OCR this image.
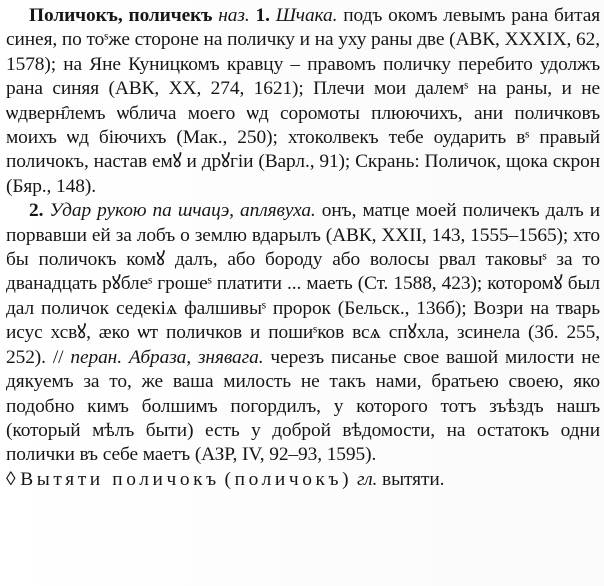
Поличокъ, поличекъ наз. 1. Шчака. подъ окомъ левымъ рана битая синея, по тоˢже стороне на поличку и на уху раны две (АВК, XXXIX, 62, 1578); на Яне Куницкомъ кравцу – правомъ поличку перебито удолжъ рана синяя (АВК, XX, 274, 1621); Плечи мои далемˢ на раны, и не ѡдверн҄лемъ ѡблича моего ѡд соромоты плюючихъ, ани поличковъ моихъ ѡд біючихъ (Мак., 250); хтоколвекъ тебе оударить вˢ правый поличокъ, настав емꙋ и дрꙋгiи (Варл., 91); Скрань: Поличок, щока скрон (Бяр., 148).

2. Удар рукою па шчацэ, аплявуха. онъ, матце моей поличекъ далъ и порвавши ей за лобъ о землю вдарылъ (АВК, XXII, 143, 1555–1565); хто бы поличокъ комꙋ далъ, або бороду або волосы рвал таковыˢ за то дванадцать рꙋблеˢ грошеˢ платити ... маеть (Ст. 1588, 423); которомꙋ был дал поличок седекiѧ фалшивыˢ пророк (Бельск., 136б); Возри на тварь исус хсвꙋ, ӕко ѡт поличков и пошиˢков всѧ спꙋхла, зсинела (Зб. 255, 252). // перан. Абраза, знявага. черезъ писанье свое вашой милости не дякуемъ за то, же ваша милость не такъ нами, братьею своею, яко подобно кимъ болшимъ погордилъ, у которого тотъ зъѣздъ нашъ (который мѣлъ быти) есть у доброй вѣдомости, на остатокъ одни полички въ себе маетъ (АЗР, IV, 92–93, 1595).

◊ Вытяти поличокъ (поличокъ) гл. вытяти.
